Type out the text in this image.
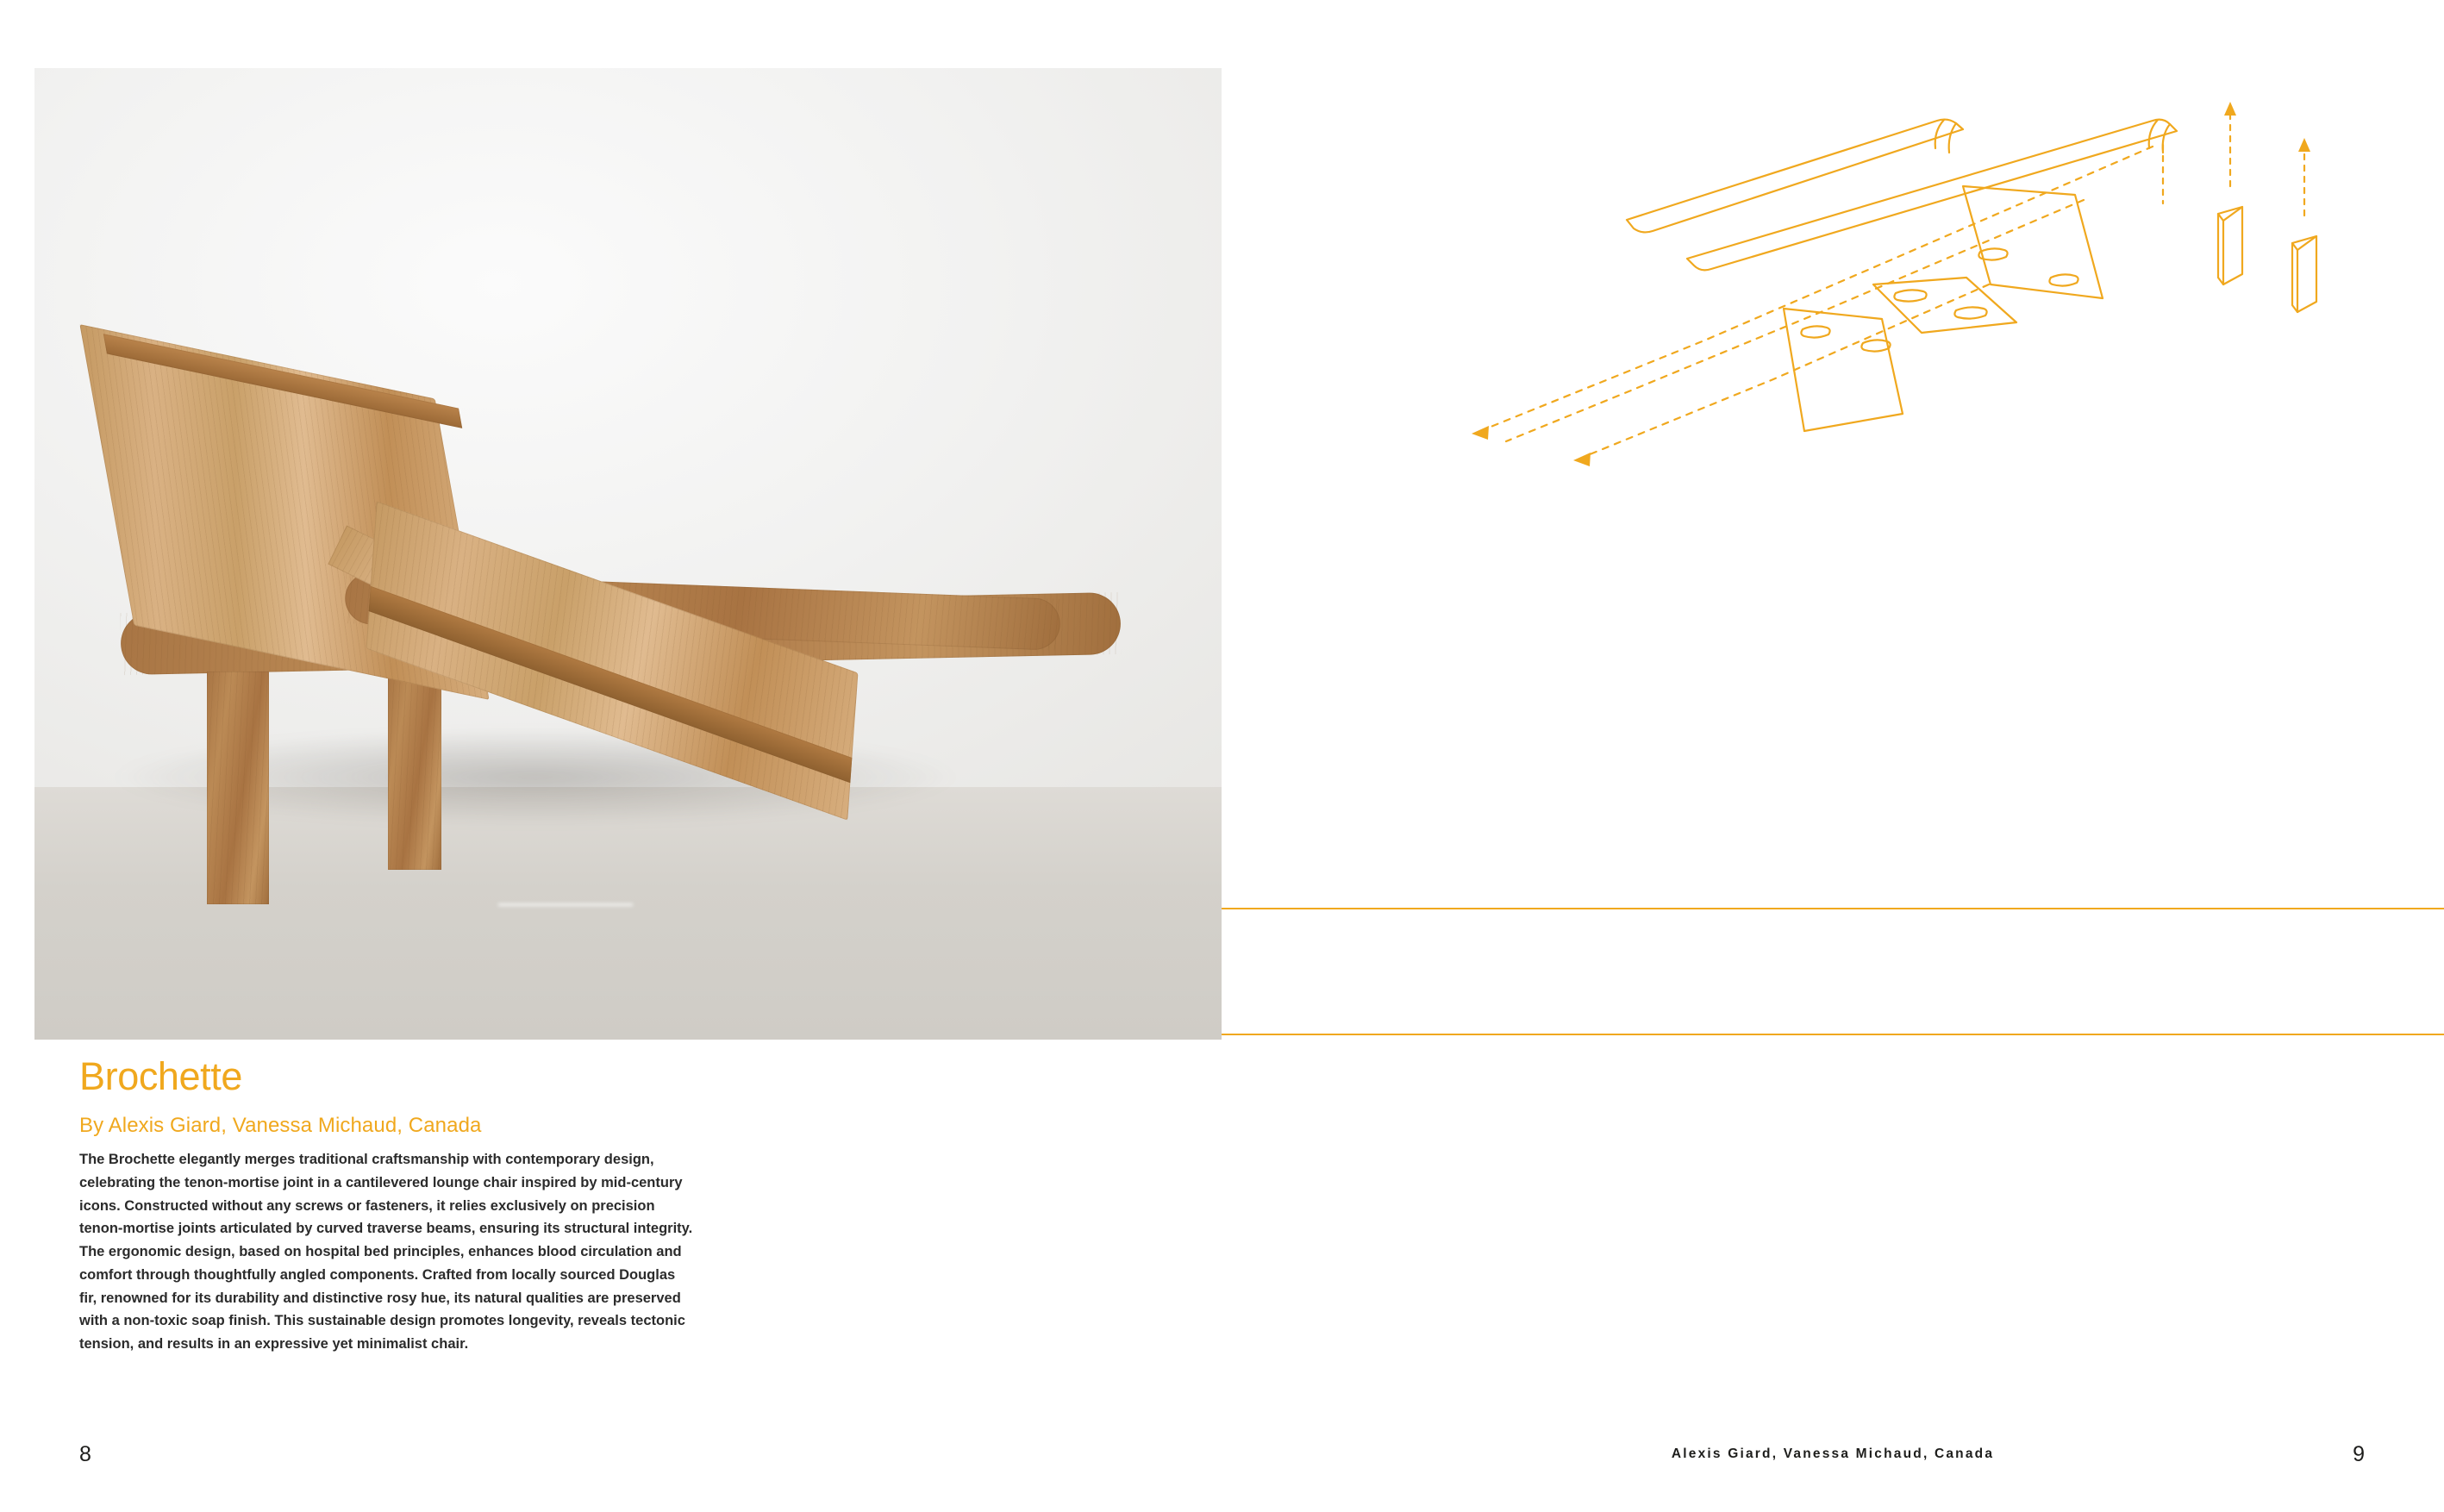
Brochette

By Alexis Giard, Vanessa Michaud, Canada

The Brochette elegantly merges traditional craftsmanship with contemporary design, celebrating the tenon-mortise joint in a cantilevered lounge chair inspired by mid-century icons. Constructed without any screws or fasteners, it relies exclusively on precision tenon-mortise joints articulated by curved traverse beams, ensuring its structural integrity. The ergonomic design, based on hospital bed principles, enhances blood circulation and comfort through thoughtfully angled components. Crafted from locally sourced Douglas fir, renowned for its durability and distinctive rosy hue, its natural qualities are preserved with a non-toxic soap finish. This sustainable design promotes longevity, reveals tectonic tension, and results in an expressive yet minimalist chair.

8	Alexis Giard, Vanessa Michaud, Canada	9
